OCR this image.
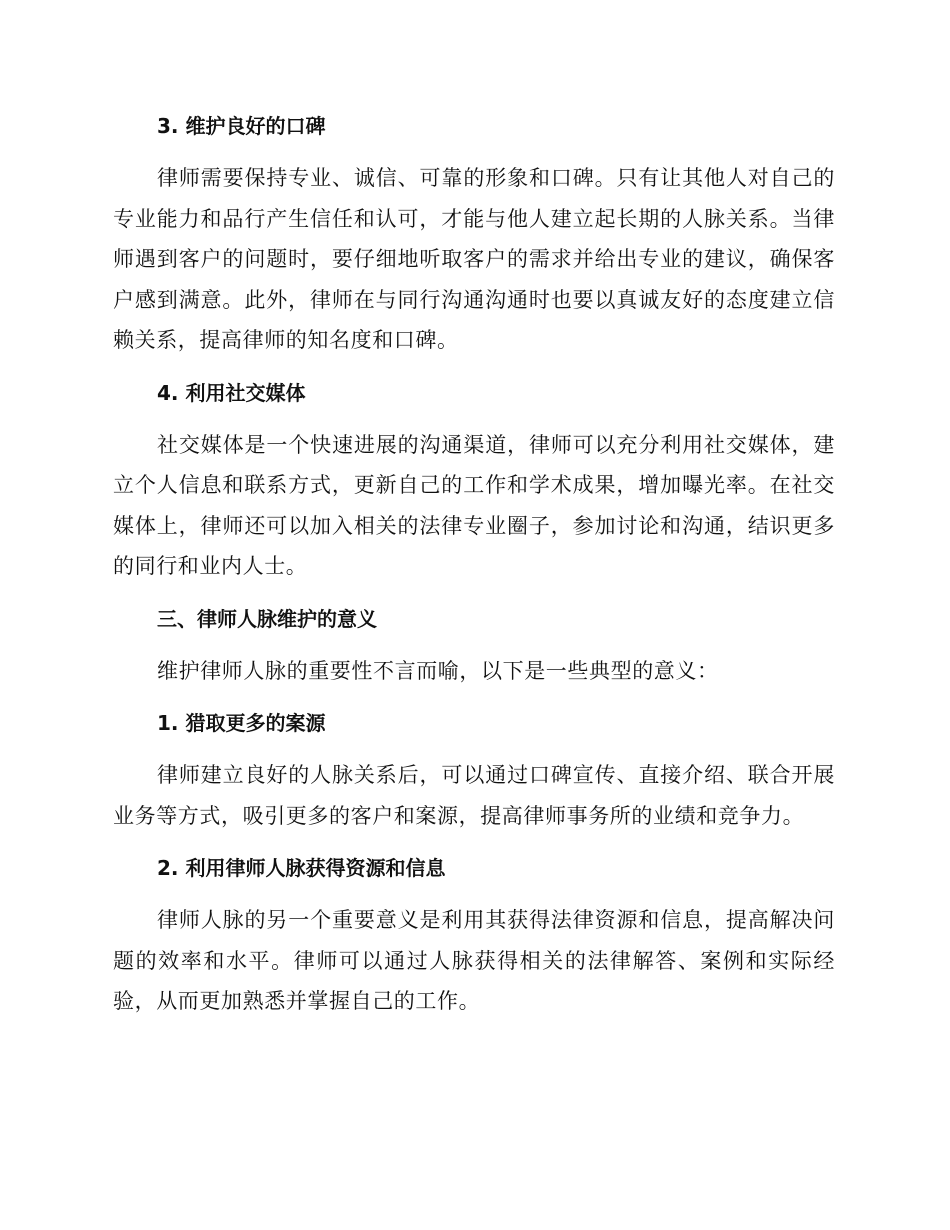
3. 维护良好的口碑

律师需要保持专业、诚信、可靠的形象和口碑。只有让其他人对自己的专业能力和品行产生信任和认可，才能与他人建立起长期的人脉关系。当律师遇到客户的问题时，要仔细地听取客户的需求并给出专业的建议，确保客户感到满意。此外，律师在与同行沟通沟通时也要以真诚友好的态度建立信赖关系，提高律师的知名度和口碑。

4. 利用社交媒体

社交媒体是一个快速进展的沟通渠道，律师可以充分利用社交媒体，建立个人信息和联系方式，更新自己的工作和学术成果，增加曝光率。在社交媒体上，律师还可以加入相关的法律专业圈子，参加讨论和沟通，结识更多的同行和业内人士。

三、律师人脉维护的意义

维护律师人脉的重要性不言而喻，以下是一些典型的意义：

1. 猎取更多的案源

律师建立良好的人脉关系后，可以通过口碑宣传、直接介绍、联合开展业务等方式，吸引更多的客户和案源，提高律师事务所的业绩和竞争力。

2. 利用律师人脉获得资源和信息

律师人脉的另一个重要意义是利用其获得法律资源和信息，提高解决问题的效率和水平。律师可以通过人脉获得相关的法律解答、案例和实际经验，从而更加熟悉并掌握自己的工作。
